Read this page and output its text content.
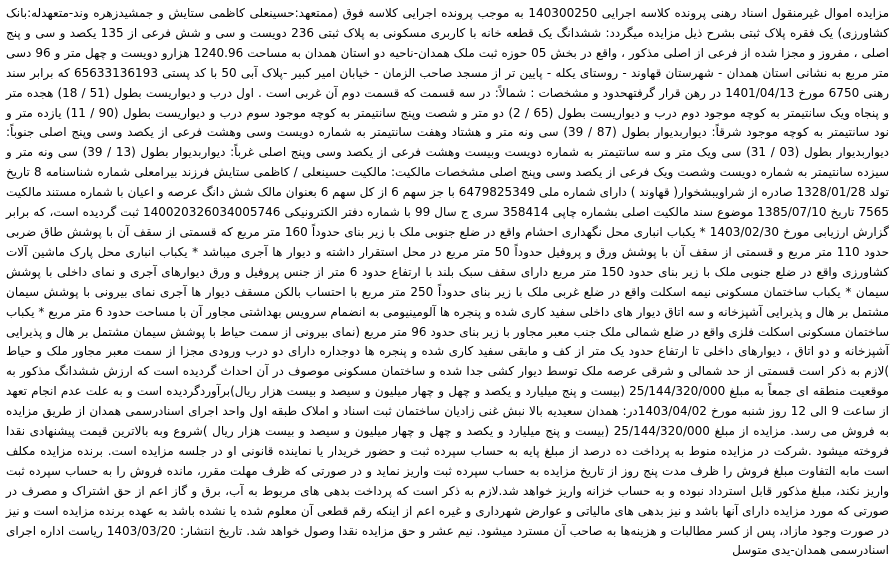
مزایده اموال غیرمنقول اسناد رهنی پرونده کلاسه اجرایی 140300250 به موجب پرونده اجرایی کلاسه فوق (ممتعهد:حسینعلی کاظمی ستایش و جمشیدزهره وند-متعهدله:بانک کشاورزی) یک فقره پلاک ثبتی بشرح ذیل مزایده میگردد: ششدانگ یک قطعه خانه با کاربری مسکونی به پلاک ثبتی 236 دویست و سی و شش فرعی از 135 یکصد و سی و پنج اصلی ، مفروز و مجزا شده از فرعی از اصلی مذکور ، واقع در بخش 05 حوزه ثبت ملک همدان-ناحیه دو استان همدان به مساحت 1240.96 هزارو دویست و چهل متر و 96 دسی متر مربع به نشانی استان همدان - شهرستان قهاوند - روستای یکله - پایین تر از مسجد صاحب الزمان - خیابان امیر کبیر -پلاک آبی 50 با کد پستی 65633136193 که برابر سند رهنی 6750 مورخ 1401/04/13 در رهن قرار گرفتهحدود و مشخصات : شمالاً: در سه قسمت که قسمت دوم آن غربی است . اول درب و دیواریست بطول (51 / 18) هجده متر و پنجاه ویک سانتیمتر به کوچه موجود دوم درب و دیواریست بطول (65 / 2) دو متر و شصت وپنج سانتیمتر به کوچه موجود سوم درب و دیواریست بطول (90 / 11) یازده متر و نود سانتیمتر به کوچه موجود شرقاً: دیواربدیوار بطول (87 / 39) سی ونه متر و هشتاد وهفت سانتیمتر به شماره دویست وسی وهشت فرعی از یکصد وسی وپنج اصلی جنوباً: دیواربدیوار بطول (03 / 31) سی ویک متر و سه سانتیمتر به شماره دویست وبیست وهشت فرعی از یکصد وسی وپنج اصلی غرباً: دیواربدیوار بطول (13 / 39) سی ونه متر و سیزده سانتیمتر به شماره دویست وشصت ویک فرعی از یکصد وسی وپنج اصلی مشخصات مالکیت: مالکیت حسینعلی / کاظمی ستایش فرزند بیرامعلی شماره شناسنامه 8 تاریخ تولد 1328/01/28 صادره از شراویبشخوار( قهاوند ) دارای شماره ملی 6479825349 با جز سهم 6 از کل سهم 6 بعنوان مالک شش دانگ عرصه و اعیان با شماره مستند مالکیت 7565 تاریخ 1385/07/10 موضوع سند مالکیت اصلی بشماره چاپی 358414 سری ج سال 99 با شماره دفتر الکترونیکی 140020326034005746 ثبت گردیده است، که برابر گزارش ارزیابی مورخ 1403/02/30 * یکباب انباری محل نگهداری احشام واقع در ضلع جنوبی ملک با زیر بنای حدوداً 160 متر مربع که قسمتی از سقف آن با پوشش طاق ضربی حدود 110 متر مربع و قسمتی از سقف آن با پوشش ورق و پروفیل حدوداً 50 متر مربع در محل استقرار داشته و دیوار ها آجری میباشد * یکباب انباری محل پارک ماشین آلات کشاورزی واقع در ضلع جنوبی ملک با زیر بنای حدود 150 متر مربع دارای سقف سبک بلند با ارتفاع حدود 6 متر از جنس پروفیل و ورق دیوارهای آجری و نمای داخلی با پوشش سیمان * یکباب ساختمان مسکونی نیمه اسکلت واقع در ضلع غربی ملک با زیر بنای حدوداً 250 متر مربع با احتساب بالکن مسقف دیوار ها آجری نمای بیرونی با پوشش سیمان مشتمل بر هال و پذیرایی آشپزخانه و سه اتاق دیوار های داخلی سفید کاری شده و پنجره ها آلومینیومی به انضمام سرویس بهداشتی مجاور آن با مساحت حدود 6 متر مربع * یکباب ساختمان مسکونی اسکلت فلزی واقع در ضلع شمالی ملک جنب معبر مجاور با زیر بنای حدود 96 متر مربع (نمای بیرونی از سمت حیاط با پوشش سیمان مشتمل بر هال و پذیرایی آشپزخانه و دو اتاق ، دیوارهای داخلی تا ارتفاع حدود یک متر از کف و مابقی سفید کاری شده و پنجره ها دوجداره دارای دو درب ورودی مجزا از سمت معبر مجاور ملک و حیاط )لازم به ذکر است قسمتی از حد شمالی و شرقی عرصه ملک توسط دیوار کشی جدا شده و ساختمان مسکونی موصوف در آن احداث گردیده است که ارزش ششدانگ مذکور به موقعیت منطقه ای جمعاً به مبلغ 25/144/320/000 (بیست و پنج میلیارد و یکصد و چهل و چهار میلیون و سیصد و بیست هزار ریال)برآوردگردیده است و به علت عدم انجام تعهد از ساعت 9 الی 12 روز شنبه مورخ 1403/04/02در: همدان سعیدیه بالا نبش غنی زادیان ساختمان ثبت اسناد و املاک طبقه اول واحد اجرای اسنادرسمی همدان از طریق مزایده به فروش می رسد. مزایده از مبلغ 25/144/320/000 (بیست و پنج میلیارد و یکصد و چهل و چهار میلیون و سیصد و بیست هزار ریال )شروع وبه بالاترین قیمت پیشنهادی نقدا فروخته میشود .شرکت در مزایده منوط به پرداخت ده درصد از مبلغ پایه به حساب سپرده ثبت و حضور خریدار یا نماینده قانونی او در جلسه مزایده است. برنده مزایده مکلف است مابه التفاوت مبلغ فروش را ظرف مدت پنج روز از تاریخ مزایده به حساب سپرده ثبت واریز نماید و در صورتی که ظرف مهلت مقرر، مانده فروش را به حساب سپرده ثبت واریز نکند، مبلغ مذکور قابل استرداد نبوده و به حساب خزانه واریز خواهد شد.لازم به ذکر است که پرداخت بدهی های مربوط به آب، برق و گاز اعم از حق اشتراک و مصرف در صورتی که مورد مزایده دارای آنها باشد و نیز بدهی های مالیاتی و عوارض شهرداری و غیره اعم از اینکه رقم قطعی آن معلوم شده یا نشده باشد به عهده برنده مزایده است و نیز در صورت وجود مازاد، پس از کسر مطالبات و هزینه‌ها به صاحب آن مسترد میشود. نیم عشر و حق مزایده نقدا وصول خواهد شد. تاریخ انتشار: 1403/03/20 ریاست اداره اجرای اسنادرسمی همدان-یدی متوسل
